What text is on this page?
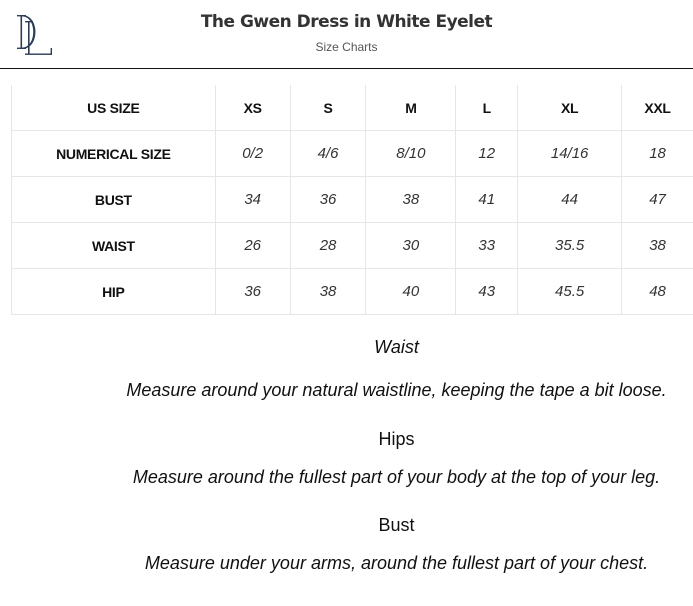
The Gwen Dress in White Eyelet
Size Charts
US SIZE	XS	S	M	L	XL	XXL
NUMERICAL SIZE	0/2	4/6	8/10	12	14/16	18
BUST	34	36	38	41	44	47
WAIST	26	28	30	33	35.5	38
HIP	36	38	40	43	45.5	48
Waist

Measure around your natural waistline, keeping the tape a bit loose.

Hips

Measure around the fullest part of your body at the top of your leg.

Bust

Measure under your arms, around the fullest part of your chest.
